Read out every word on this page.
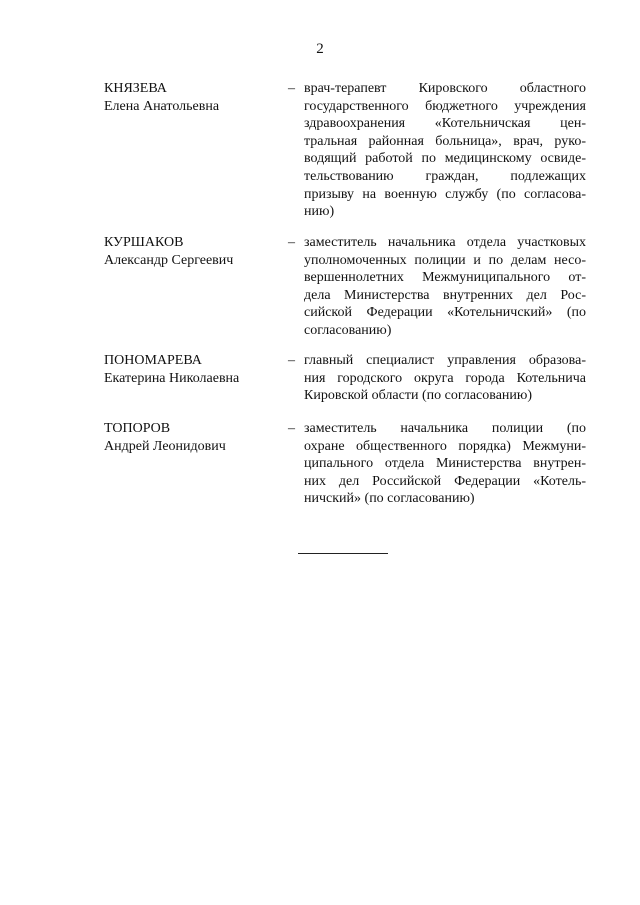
2
КНЯЗЕВА
Елена Анатольевна
– врач-терапевт Кировского областного
государственного бюджетного учреждения
здравоохранения «Котельничская цен-
тральная районная больница», врач, руко-
водящий работой по медицинскому освиде-
тельствованию граждан, подлежащих
призыву на военную службу (по согласова-
нию)
КУРШАКОВ
Александр Сергеевич
– заместитель начальника отдела участковых
уполномоченных полиции и по делам несо-
вершеннолетних Межмуниципального от-
дела Министерства внутренних дел Рос-
сийской Федерации «Котельничский» (по
согласованию)
ПОНОМАРЕВА
Екатерина Николаевна
– главный специалист управления образова-
ния городского округа города Котельнича
Кировской области (по согласованию)
ТОПОРОВ
Андрей Леонидович
– заместитель начальника полиции (по
охране общественного порядка) Межмуни-
ципального отдела Министерства внутрен-
них дел Российской Федерации «Котель-
ничский» (по согласованию)
